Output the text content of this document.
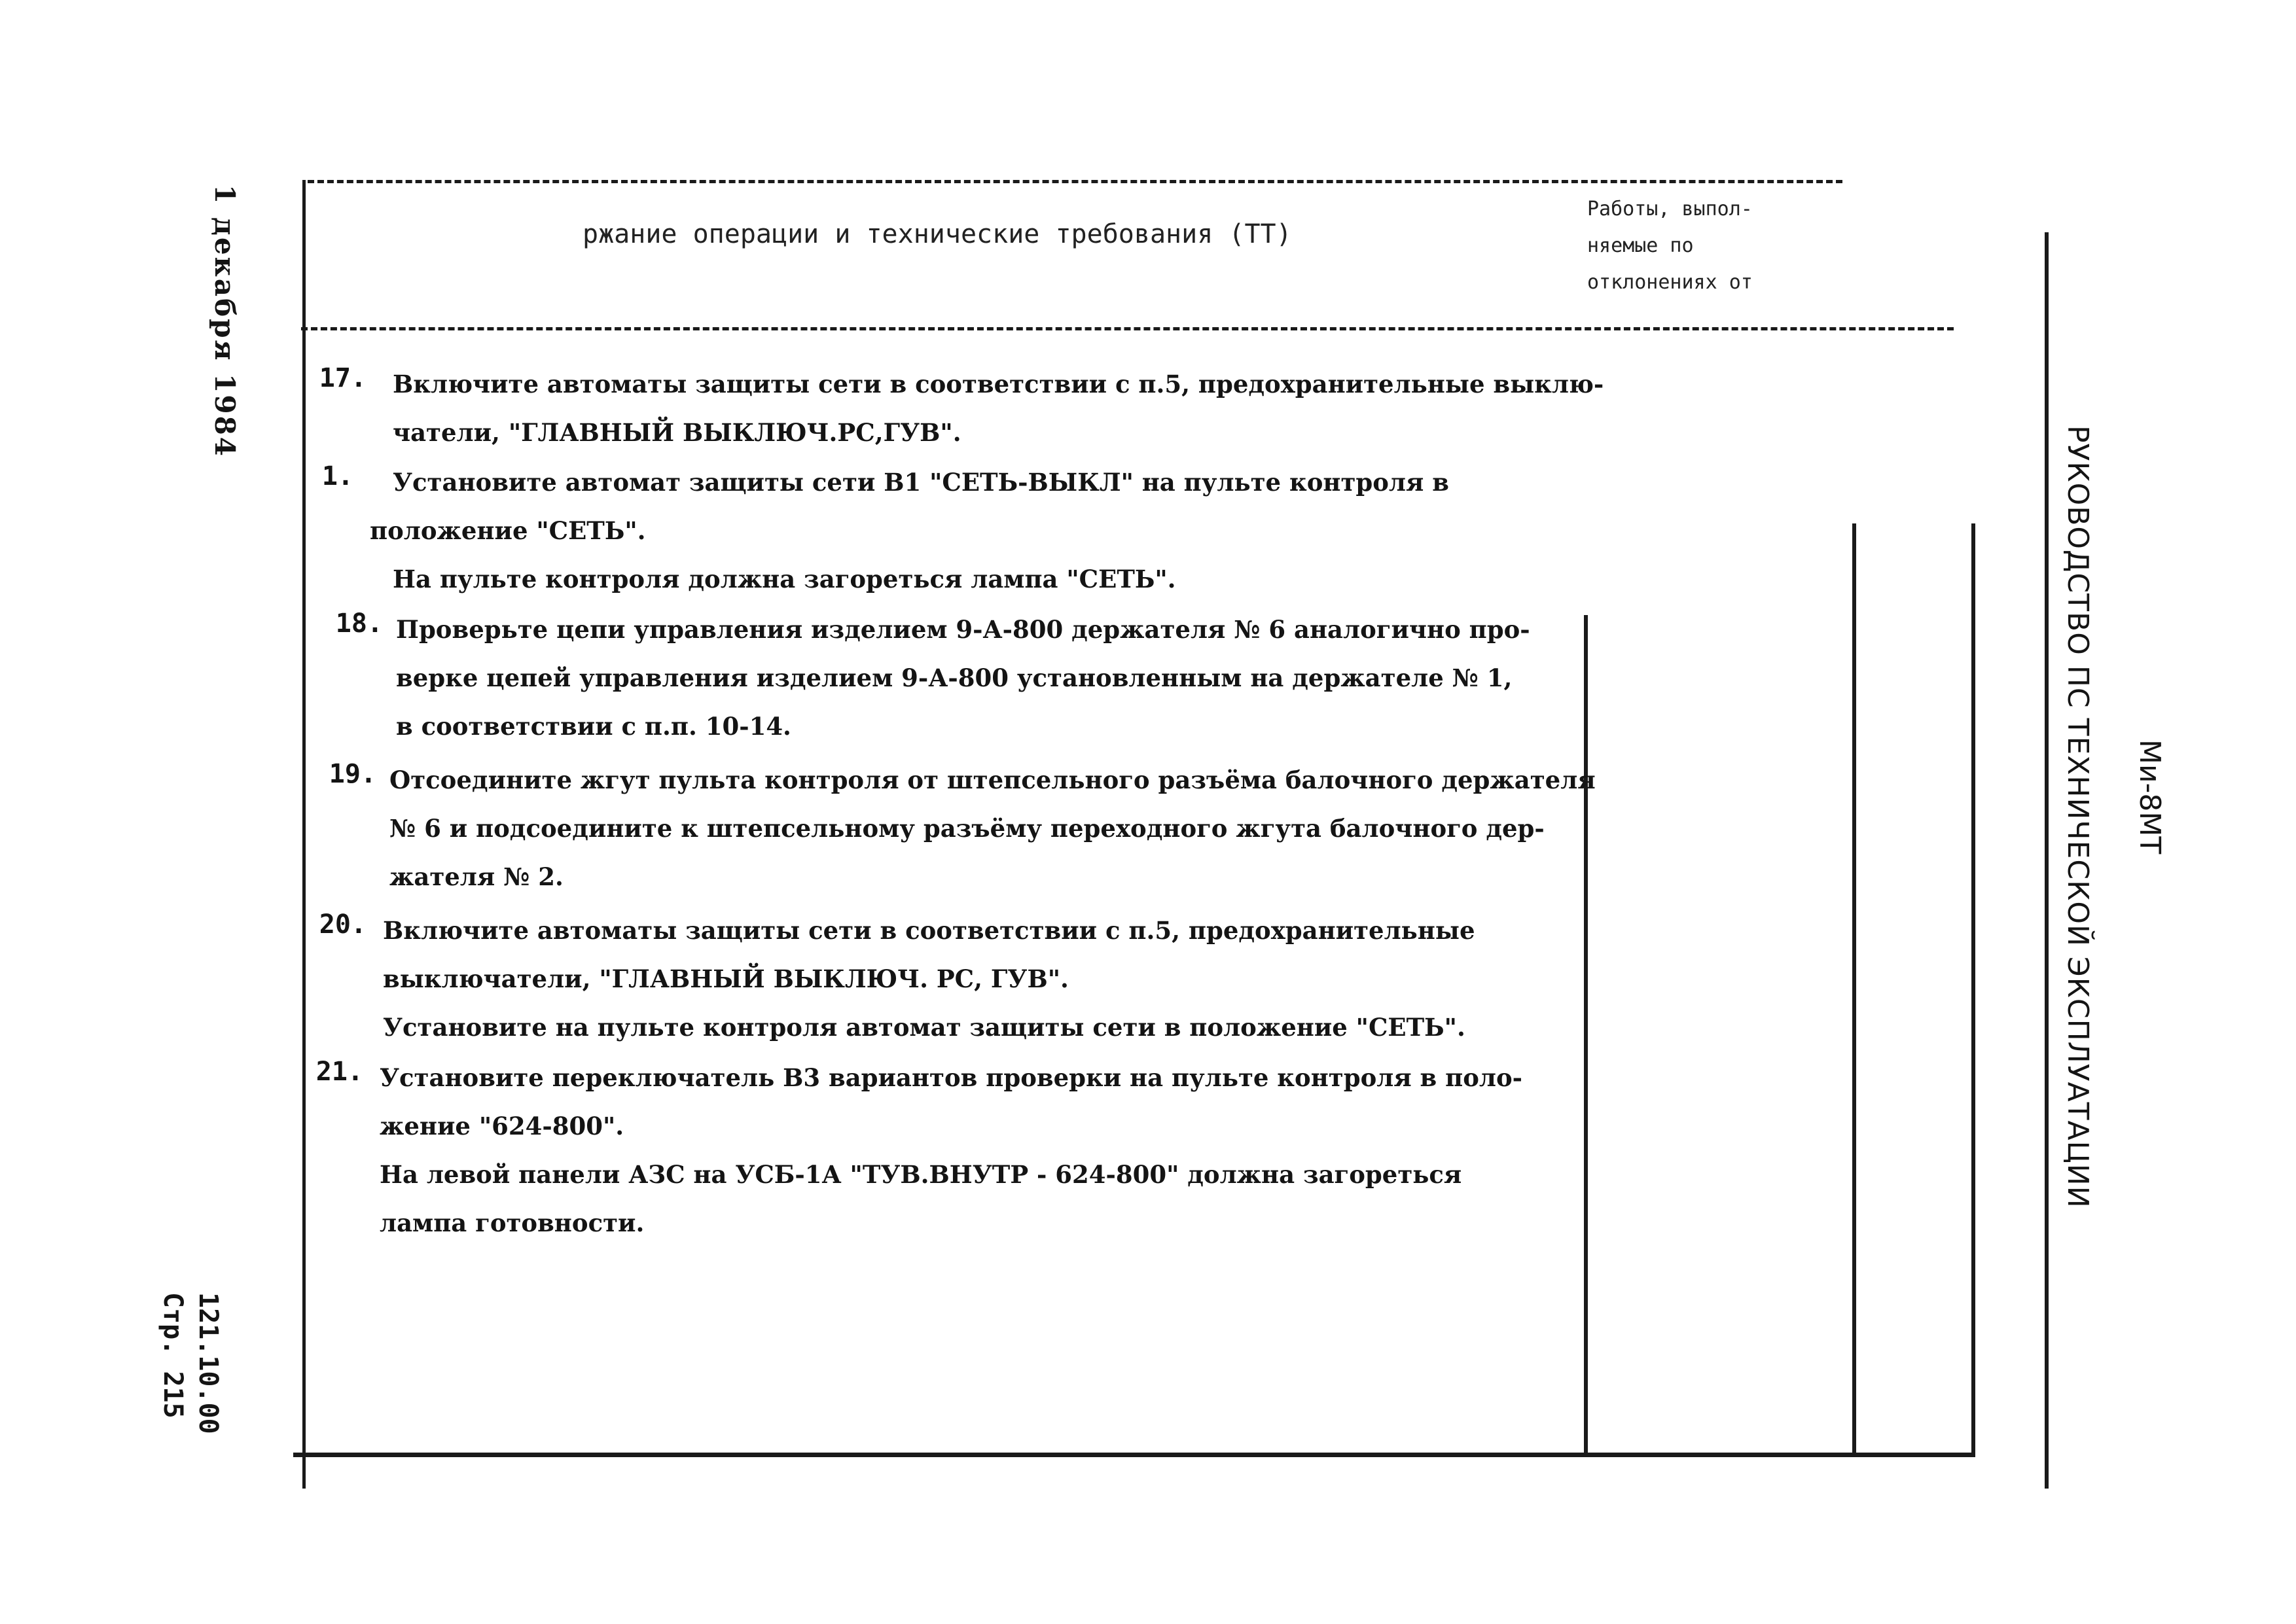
1 декабря 1984
121.10.00
Стр. 215
Ми-8МТ
РУКОВОДСТВО ПС ТЕХНИЧЕСКОЙ ЭКСПЛУАТАЦИИ
ржание операции и технические требования (ТТ)
Работы, выпол-
няемые по
отклонениях от
17. Включите автоматы защиты сети в соответствии с п.5, предохранительные выклю-
чатели, "ГЛАВНЫЙ ВЫКЛЮЧ.РС,ГУВ".
1. Установите автомат защиты сети В1 "СЕТЬ-ВЫКЛ" на пульте контроля в
положение "СЕТЬ".
На пульте контроля должна загореться лампа "СЕТЬ".
18. Проверьте цепи управления изделием 9-А-800 держателя № 6 аналогично про-
верке цепей управления изделием 9-А-800 установленным на держателе № 1,
в соответствии с п.п. 10-14.
19. Отсоедините жгут пульта контроля от штепсельного разъёма балочного держателя
№ 6 и подсоедините к штепсельному разъёму переходного жгута балочного дер-
жателя № 2.
20. Включите автоматы защиты сети в соответствии с п.5, предохранительные
выключатели, "ГЛАВНЫЙ ВЫКЛЮЧ. РС, ГУВ".
Установите на пульте контроля автомат защиты сети в положение "СЕТЬ".
21. Установите переключатель В3 вариантов проверки на пульте контроля в поло-
жение "624-800".
На левой панели АЗС на УСБ-1А "ТУВ.ВНУТР - 624-800" должна загореться
лампа готовности.
